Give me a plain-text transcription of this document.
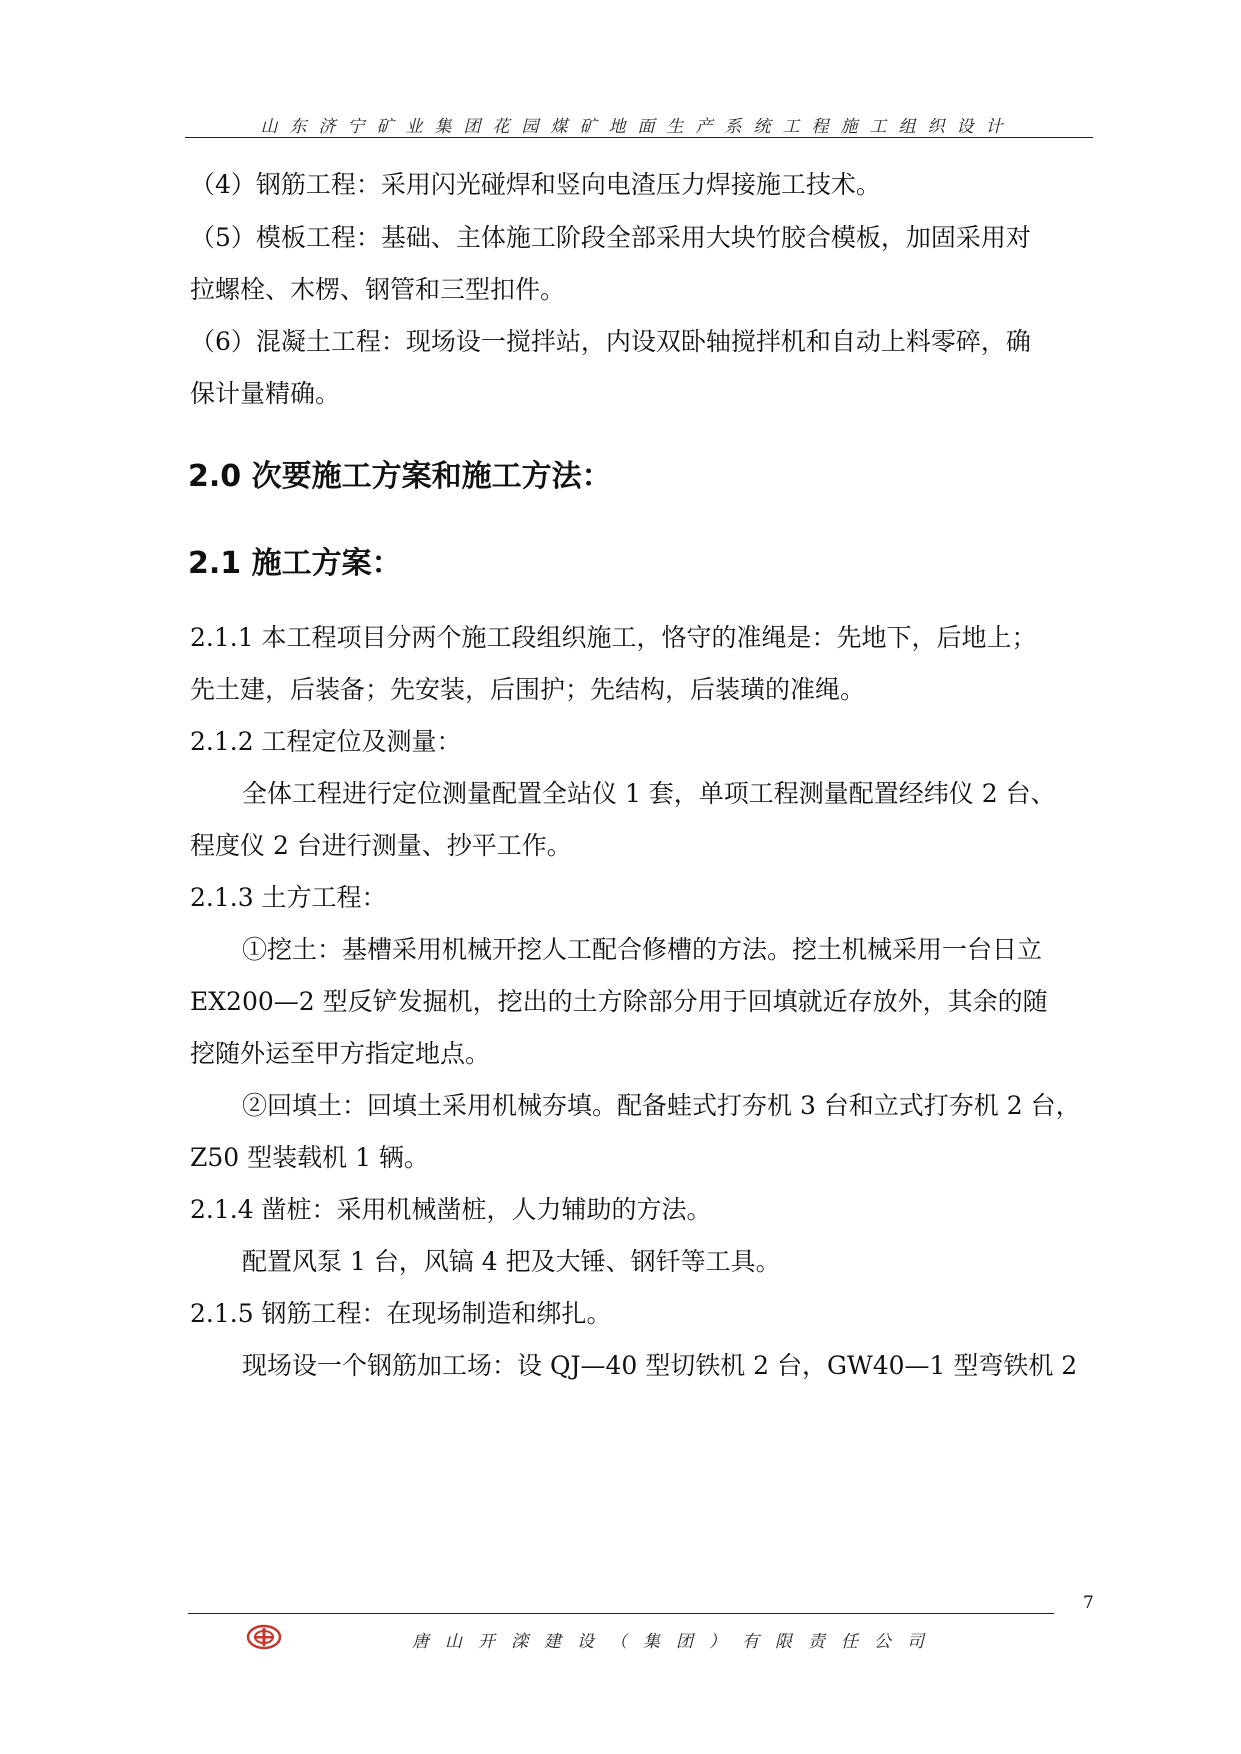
山东济宁矿业集团花园煤矿地面生产系统工程施工组织设计
（4）钢筋工程：采用闪光碰焊和竖向电渣压力焊接施工技术。
（5）模板工程：基础、主体施工阶段全部采用大块竹胶合模板，加固采用对
拉螺栓、木楞、钢管和三型扣件。
（6）混凝土工程：现场设一搅拌站，内设双卧轴搅拌机和自动上料零碎，确
保计量精确。
2.0 次要施工方案和施工方法：
2.1 施工方案：
2.1.1 本工程项目分两个施工段组织施工，恪守的准绳是：先地下，后地上；
先土建，后装备；先安装，后围护；先结构，后装璜的准绳。
2.1.2 工程定位及测量：
全体工程进行定位测量配置全站仪 1 套，单项工程测量配置经纬仪 2 台、
程度仪 2 台进行测量、抄平工作。
2.1.3 土方工程：
①挖土：基槽采用机械开挖人工配合修槽的方法。挖土机械采用一台日立
EX200—2 型反铲发掘机，挖出的土方除部分用于回填就近存放外，其余的随
挖随外运至甲方指定地点。
②回填土：回填土采用机械夯填。配备蛙式打夯机 3 台和立式打夯机 2 台，
Z50 型装载机 1 辆。
2.1.4 凿桩：采用机械凿桩，人力辅助的方法。
配置风泵 1 台，风镐 4 把及大锤、钢钎等工具。
2.1.5 钢筋工程：在现场制造和绑扎。
现场设一个钢筋加工场：设 QJ—40 型切铁机 2 台，GW40—1 型弯铁机 2
7
唐山开滦建设（集团）有限责任公司
